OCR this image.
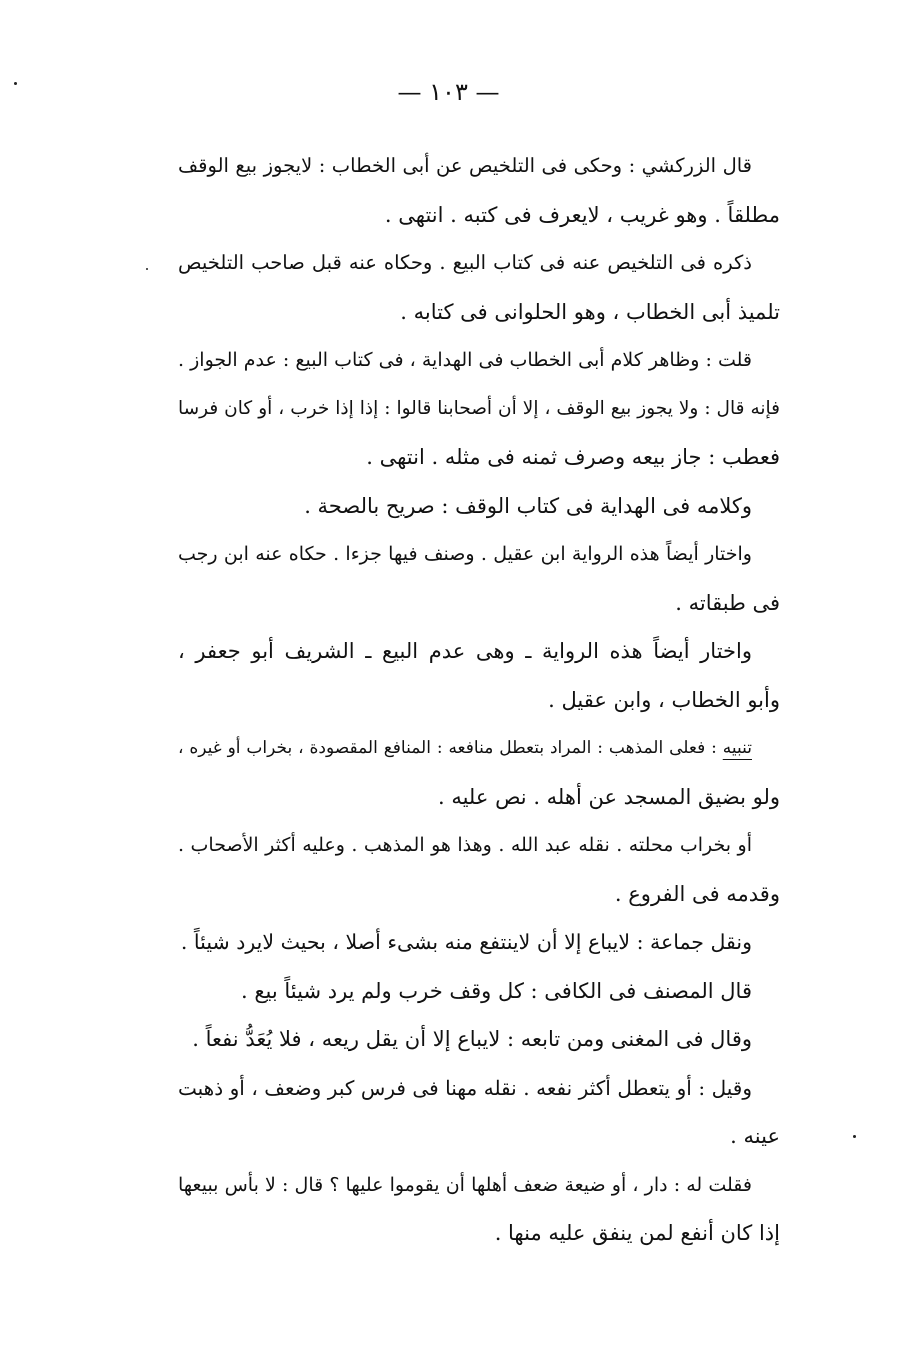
— ١٠٣ —
قال الزركشي : وحكى فى التلخيص عن أبى الخطاب : لايجوز بيع الوقف
مطلقاً . وهو غريب ، لايعرف فى كتبه . انتهى .
ذكره فى التلخيص عنه فى كتاب البيع . وحكاه عنه قبل صاحب التلخيص
تلميذ أبى الخطاب ، وهو الحلوانى فى كتابه .
قلت : وظاهر كلام أبى الخطاب فى الهداية ، فى كتاب البيع : عدم الجواز .
فإنه قال : ولا يجوز بيع الوقف ، إلا أن أصحابنا قالوا : إذا إذا خرب ، أو كان فرسا
فعطب : جاز بيعه وصرف ثمنه فى مثله . انتهى .
وكلامه فى الهداية فى كتاب الوقف : صريح بالصحة .
واختار أيضاً هذه الرواية ابن عقيل . وصنف فيها جزءا . حكاه عنه ابن رجب
فى طبقاته .
واختار أيضاً هذه الرواية ـ وهى عدم البيع ـ الشريف أبو جعفر ،
وأبو الخطاب ، وابن عقيل .
تنبيه : فعلى المذهب : المراد بتعطل منافعه : المنافع المقصودة ، بخراب أو غيره ،
ولو بضيق المسجد عن أهله . نص عليه .
أو بخراب محلته . نقله عبد الله . وهذا هو المذهب . وعليه أكثر الأصحاب .
وقدمه فى الفروع .
ونقل جماعة : لايباع إلا أن لاينتفع منه بشىء أصلا ، بحيث لايرد شيئاً .
قال المصنف فى الكافى : كل وقف خرب ولم يرد شيئاً بيع .
وقال فى المغنى ومن تابعه : لايباع إلا أن يقل ريعه ، فلا يُعَدُّ نفعاً .
وقيل : أو يتعطل أكثر نفعه . نقله مهنا فى فرس كبر وضعف ، أو ذهبت
عينه .
فقلت له : دار ، أو ضيعة ضعف أهلها أن يقوموا عليها ؟ قال : لا بأس ببيعها
إذا كان أنفع لمن ينفق عليه منها .
